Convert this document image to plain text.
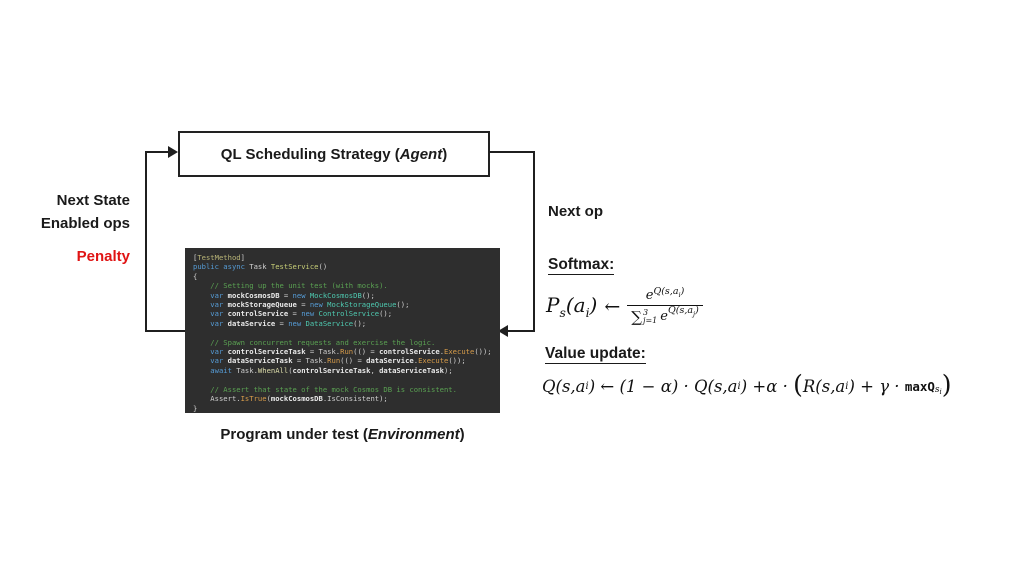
QL Scheduling Strategy (Agent)
Next State
Enabled ops
Penalty
Next op
Softmax:
Value update:
$P_s(a_i)$ ← $e^{Q(s,a_i)}$
∑ 3
j=1 e $Q(s,a_j)$
Q(s,a i ) ← (1 − α) · Q(s,a i ) +α · ( R(s,a i ) + γ · maxQ $s_i$ )
[TestMethod]
public async Task TestService()
{
// Setting up the unit test (with mocks).
var mockCosmosDB = new MockCosmosDB();
var mockStorageQueue = new MockStorageQueue();
var controlService = new ControlService();
var dataService = new DataService();

// Spawn concurrent requests and exercise the logic.
var controlServiceTask = Task.Run(() = controlService.Execute());
var dataServiceTask = Task.Run(() = dataService.Execute());
await Task.WhenAll(controlServiceTask, dataServiceTask);

// Assert that state of the mock Cosmos DB is consistent.
Assert.IsTrue(mockCosmosDB.IsConsistent);
}
Program under test (Environment)
